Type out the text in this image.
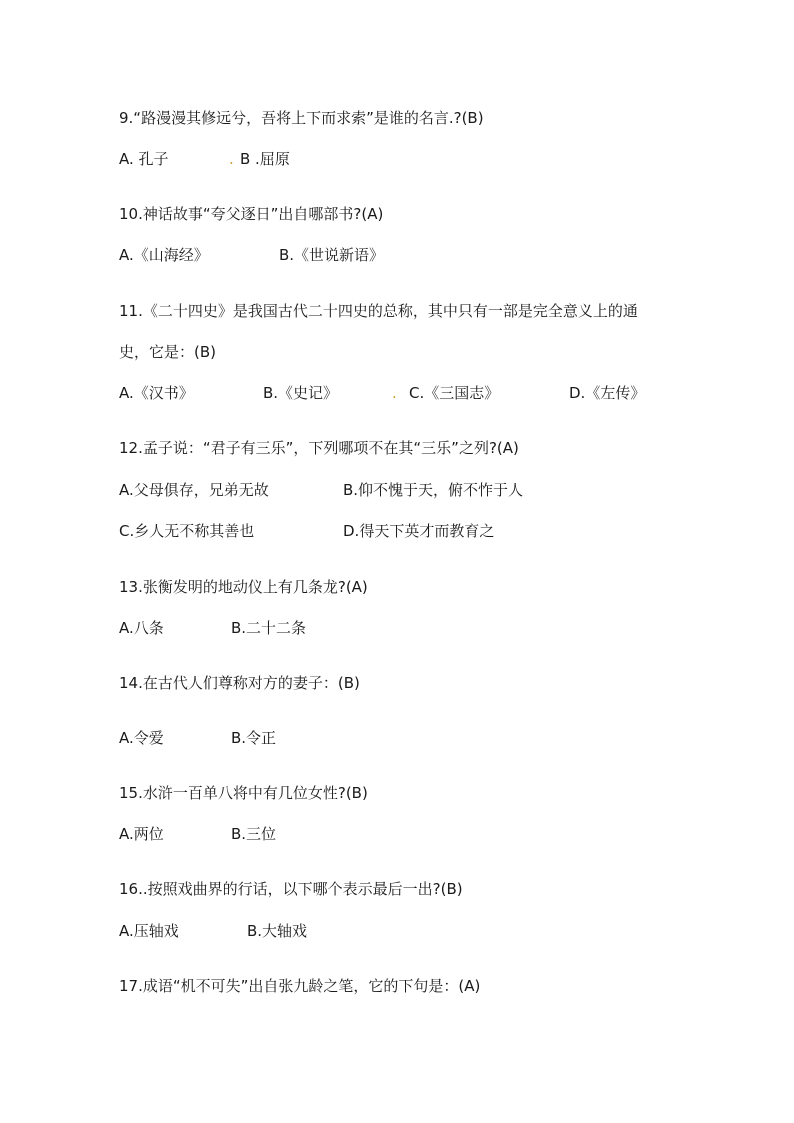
9.“路漫漫其修远兮，吾将上下而求索”是谁的名言.?(B)
A. 孔子	. B .屈原
10.神话故事“夸父逐日”出自哪部书?(A)
A.《山海经》	B.《世说新语》
11.《二十四史》是我国古代二十四史的总称，其中只有一部是完全意义上的通
史，它是：(B)
A.《汉书》	B.《史记》	. C.《三国志》	D.《左传》
12.孟子说：“君子有三乐”，下列哪项不在其“三乐”之列?(A)
A.父母俱存，兄弟无故	B.仰不愧于天，俯不怍于人
C.乡人无不称其善也	D.得天下英才而教育之
13.张衡发明的地动仪上有几条龙?(A)
A.八条	B.二十二条
14.在古代人们尊称对方的妻子：(B)
A.令爱	B.令正
15.水浒一百单八将中有几位女性?(B)
A.两位	B.三位
16..按照戏曲界的行话，以下哪个表示最后一出?(B)
A.压轴戏	B.大轴戏
17.成语“机不可失”出自张九龄之笔，它的下句是：(A)
